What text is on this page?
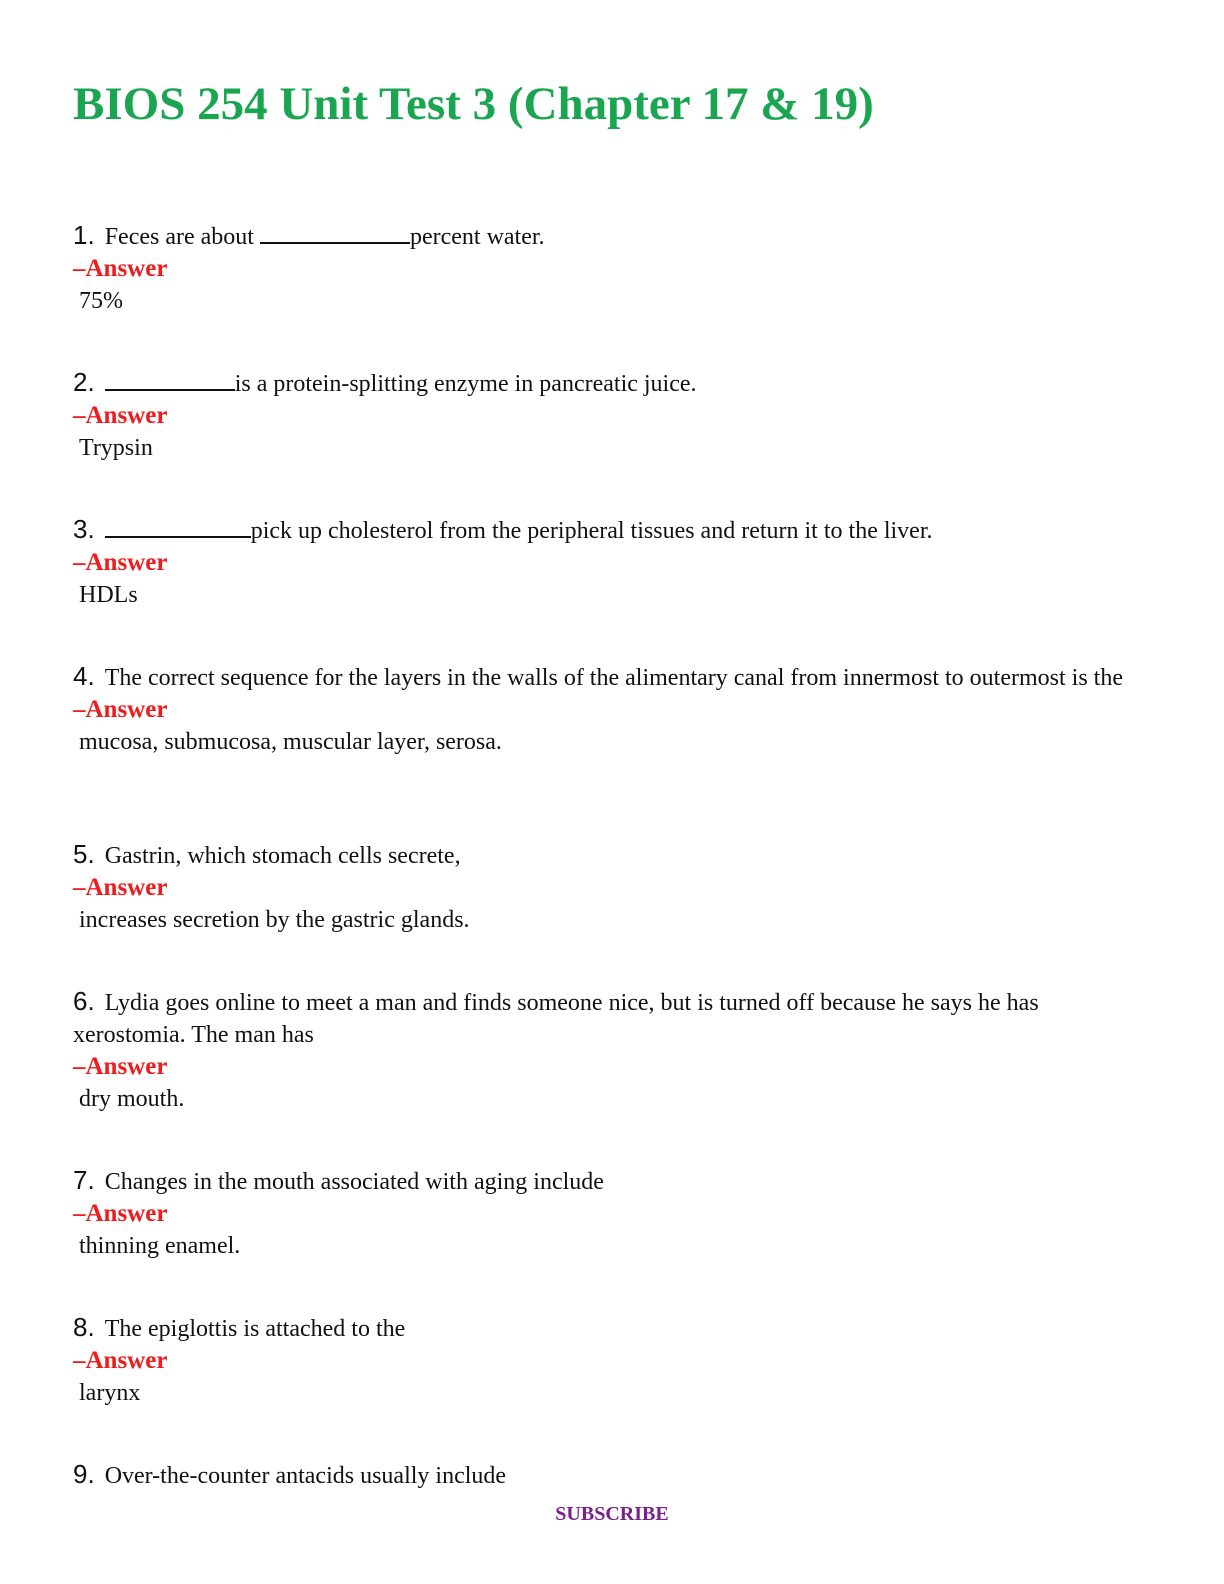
BIOS 254 Unit Test 3 (Chapter 17 & 19)

1. Feces are about	percent water.

–Answer

75%

2.	is a protein-splitting enzyme in pancreatic juice.

–Answer

Trypsin

3.	pick up cholesterol from the peripheral tissues and return it to the liver.

–Answer

HDLs

4. The correct sequence for the layers in the walls of the alimentary canal from innermost to outermost is the

–Answer

mucosa, submucosa, muscular layer, serosa.

5. Gastrin, which stomach cells secrete,

–Answer

increases secretion by the gastric glands.

6. Lydia goes online to meet a man and finds someone nice, but is turned off because he says he has xerostomia. The man has

–Answer

dry mouth.

7. Changes in the mouth associated with aging include

–Answer

thinning enamel.

8. The epiglottis is attached to the

–Answer

larynx

9. Over-the-counter antacids usually include

SUBSCRIBE
